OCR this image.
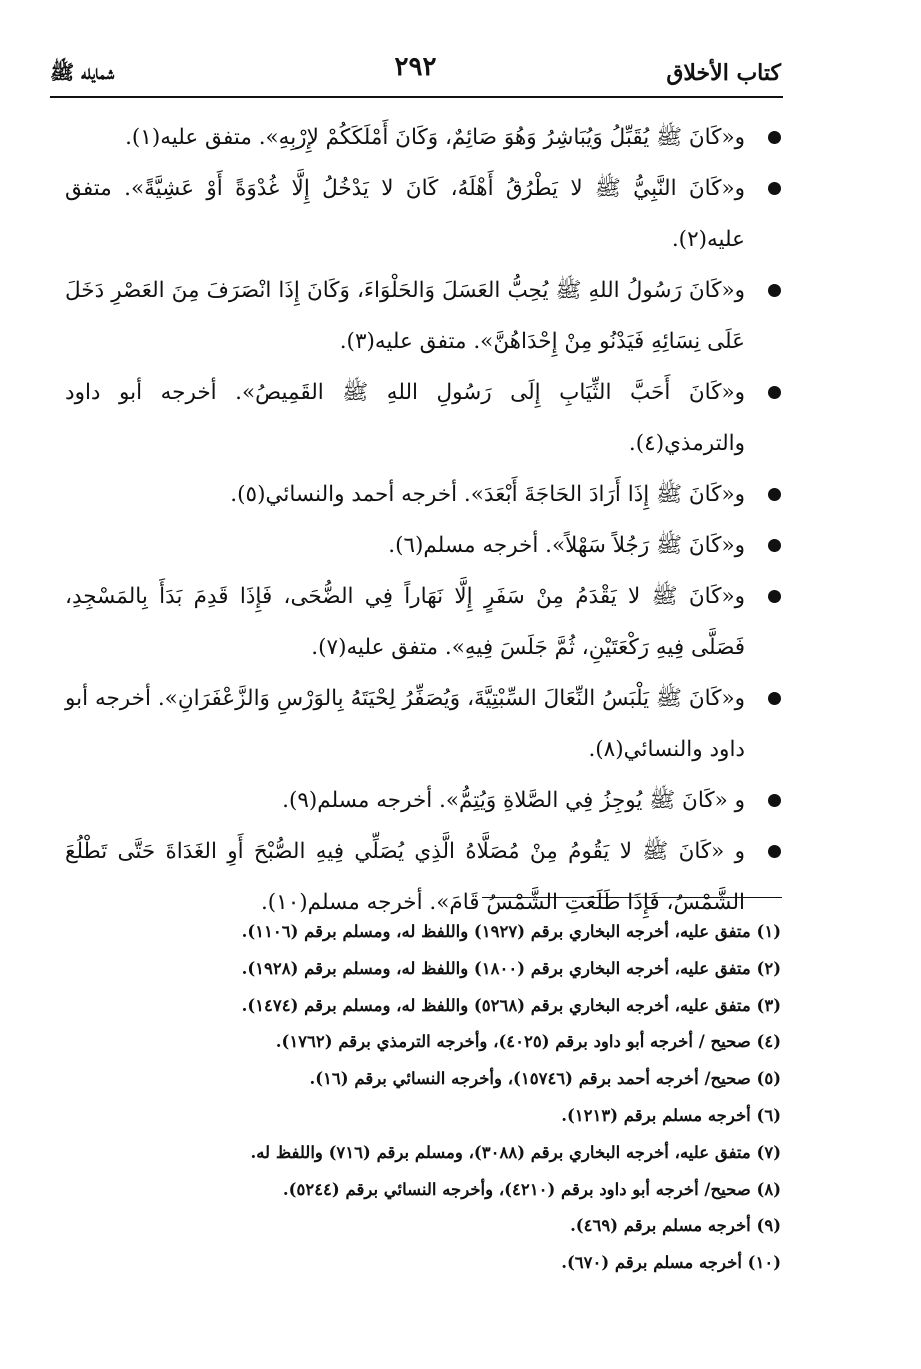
كتاب الأخلاق
٢٩٢
شمايله ﷺ

و«كَانَ ﷺ يُقَبِّلُ وَيُبَاشِرُ وَهُوَ صَائِمٌ، وَكَانَ أَمْلَكَكُمْ لإِرْبِهِ». متفق عليه(١).

و«كَانَ النَّبِيُّ ﷺ لا يَطْرُقُ أَهْلَهُ، كَانَ لا يَدْخُلُ إِلَّا غُدْوَةً أَوْ عَشِيَّةً». متفق عليه(٢).

و«كَانَ رَسُولُ اللهِ ﷺ يُحِبُّ العَسَلَ وَالحَلْوَاءَ، وَكَانَ إِذَا انْصَرَفَ مِنَ العَصْرِ دَخَلَ عَلَى نِسَائِهِ فَيَدْنُو مِنْ إِحْدَاهُنَّ». متفق عليه(٣).

و«كَانَ أَحَبَّ الثِّيَابِ إِلَى رَسُولِ اللهِ ﷺ القَمِيصُ». أخرجه أبو داود والترمذي(٤).

و«كَانَ ﷺ إِذَا أَرَادَ الحَاجَةَ أَبْعَدَ». أخرجه أحمد والنسائي(٥).

و«كَانَ ﷺ رَجُلاً سَهْلاً». أخرجه مسلم(٦).

و«كَانَ ﷺ لا يَقْدَمُ مِنْ سَفَرٍ إِلَّا نَهَاراً فِي الضُّحَى، فَإِذَا قَدِمَ بَدَأَ بِالمَسْجِدِ، فَصَلَّى فِيهِ رَكْعَتَيْنِ، ثُمَّ جَلَسَ فِيهِ». متفق عليه(٧).

و«كَانَ ﷺ يَلْبَسُ النِّعَالَ السِّبْتِيَّةَ، وَيُصَفِّرُ لِحْيَتَهُ بِالوَرْسِ وَالزَّعْفَرَانِ». أخرجه أبو داود والنسائي(٨).

و «كَانَ ﷺ يُوجِزُ فِي الصَّلاةِ وَيُتِمُّ». أخرجه مسلم(٩).

و «كَانَ ﷺ لا يَقُومُ مِنْ مُصَلَّاهُ الَّذِي يُصَلِّي فِيهِ الصُّبْحَ أَوِ الغَدَاةَ حَتَّى تَطْلُعَ الشَّمْسُ، فَإِذَا طَلَعَتِ الشَّمْسُ قَامَ». أخرجه مسلم(١٠).

(١) متفق عليه، أخرجه البخاري برقم (١٩٢٧) واللفظ له، ومسلم برقم (١١٠٦).

(٢) متفق عليه، أخرجه البخاري برقم (١٨٠٠) واللفظ له، ومسلم برقم (١٩٢٨).

(٣) متفق عليه، أخرجه البخاري برقم (٥٢٦٨) واللفظ له، ومسلم برقم (١٤٧٤).

(٤) صحيح / أخرجه أبو داود برقم (٤٠٢٥)، وأخرجه الترمذي برقم (١٧٦٢).

(٥) صحيح/ أخرجه أحمد برقم (١٥٧٤٦)، وأخرجه النسائي برقم (١٦).

(٦) أخرجه مسلم برقم (١٢١٣).

(٧) متفق عليه، أخرجه البخاري برقم (٣٠٨٨)، ومسلم برقم (٧١٦) واللفظ له.

(٨) صحيح/ أخرجه أبو داود برقم (٤٢١٠)، وأخرجه النسائي برقم (٥٢٤٤).

(٩) أخرجه مسلم برقم (٤٦٩).

(١٠) أخرجه مسلم برقم (٦٧٠).
